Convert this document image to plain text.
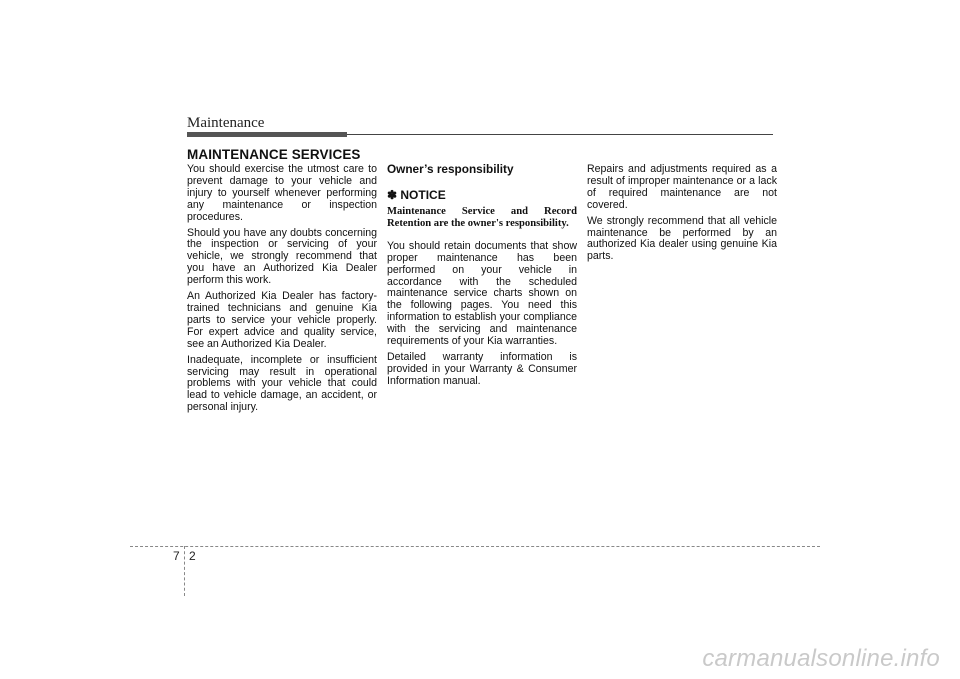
Maintenance
MAINTENANCE SERVICES

You should exercise the utmost care to prevent damage to your vehicle and injury to yourself whenever performing any maintenance or inspection procedures.

Should you have any doubts concerning the inspection or servicing of your vehicle, we strongly recommend that you have an Authorized Kia Dealer perform this work.

An Authorized Kia Dealer has factory-trained technicians and genuine Kia parts to service your vehicle properly. For expert advice and quality service, see an Authorized Kia Dealer.

Inadequate, incomplete or insufficient servicing may result in operational problems with your vehicle that could lead to vehicle damage, an accident, or personal injury.

Owner’s responsibility

✽ NOTICE

Maintenance Service and Record Retention are the owner's responsibility.

You should retain documents that show proper maintenance has been performed on your vehicle in accordance with the scheduled maintenance service charts shown on the following pages. You need this information to establish your compliance with the servicing and maintenance requirements of your Kia warranties.

Detailed warranty information is provided in your Warranty & Consumer Information manual.

Repairs and adjustments required as a result of improper maintenance or a lack of required maintenance are not covered.

We strongly recommend that all vehicle maintenance be performed by an authorized Kia dealer using genuine Kia parts.

7 2
carmanualsonline.info
